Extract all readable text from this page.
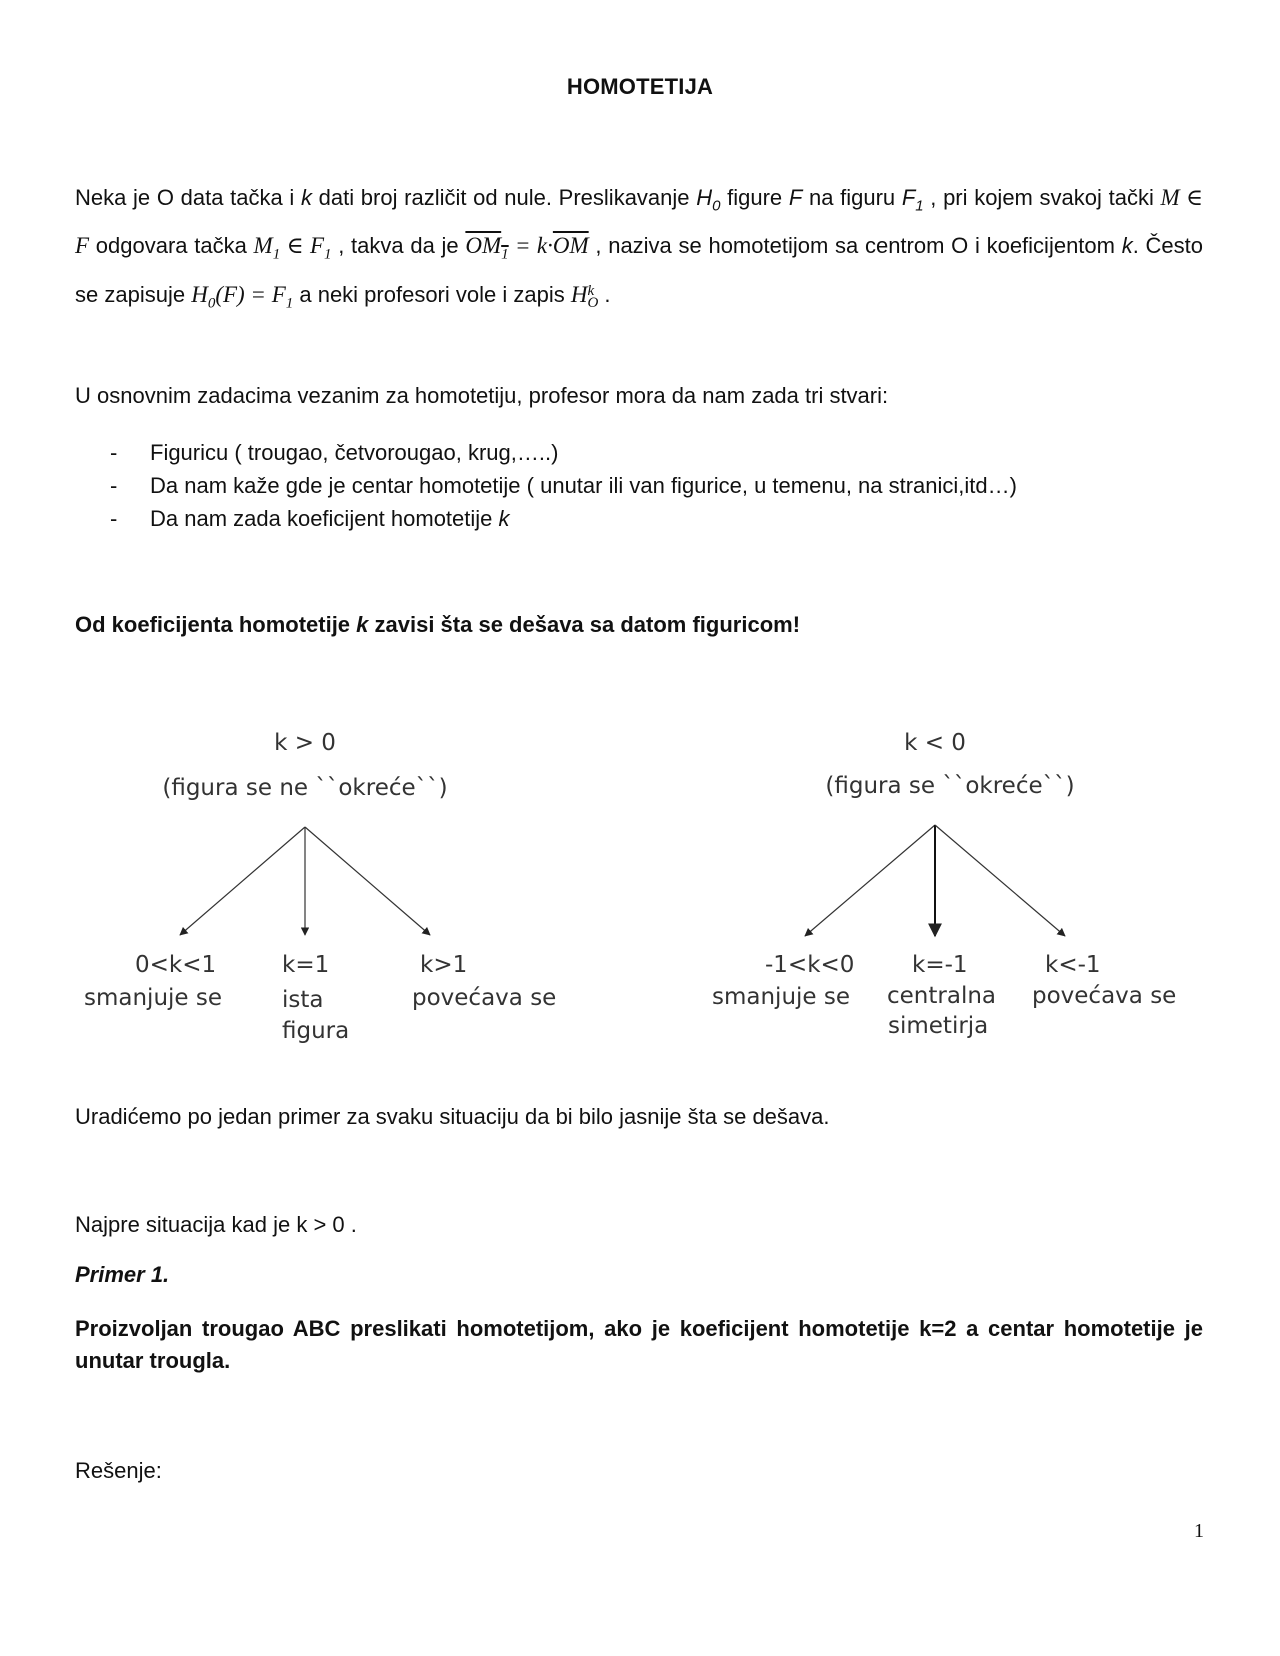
HOMOTETIJA
Neka je O data tačka i k dati broj različit od nule. Preslikavanje $H_0$ figure F na figuru $F_1$ , pri kojem svakoj tački M ∈ F odgovara tačka $M_1$ ∈ $F_1$ , takva da je $OM_1 = k\cdot\overline{OM}$ , naziva se homotetijom sa centrom O i koeficijentom k. Često se zapisuje $H_0(F) = F_1$ a neki profesori vole i zapis H k
O .
U osnovnim zadacima vezanim za homotetiju, profesor mora da nam zada tri stvari:
- Figuricu ( trougao, četvorougao, krug,…..)
- Da nam kaže gde je centar homotetije ( unutar ili van figurice, u temenu, na stranici,itd…)
- Da nam zada koeficijent homotetije k
Od koeficijenta homotetije k zavisi šta se dešava sa datom figuricom!
k > 0
(figura se ne ``okreće``)
0<k<1
smanjuje se
k=1
ista
figura
k>1
povećava se
k < 0
(figura se ``okreće``)
-1<k<0
smanjuje se
k=-1
centralna
simetirja
k<-1
povećava se
Uradićemo po jedan primer za svaku situaciju da bi bilo jasnije šta se dešava.
Najpre situacija kad je k > 0 .
Primer 1.
Proizvoljan trougao ABC preslikati homotetijom, ako je koeficijent homotetije k=2 a centar homotetije je unutar trougla.
Rešenje:
1
